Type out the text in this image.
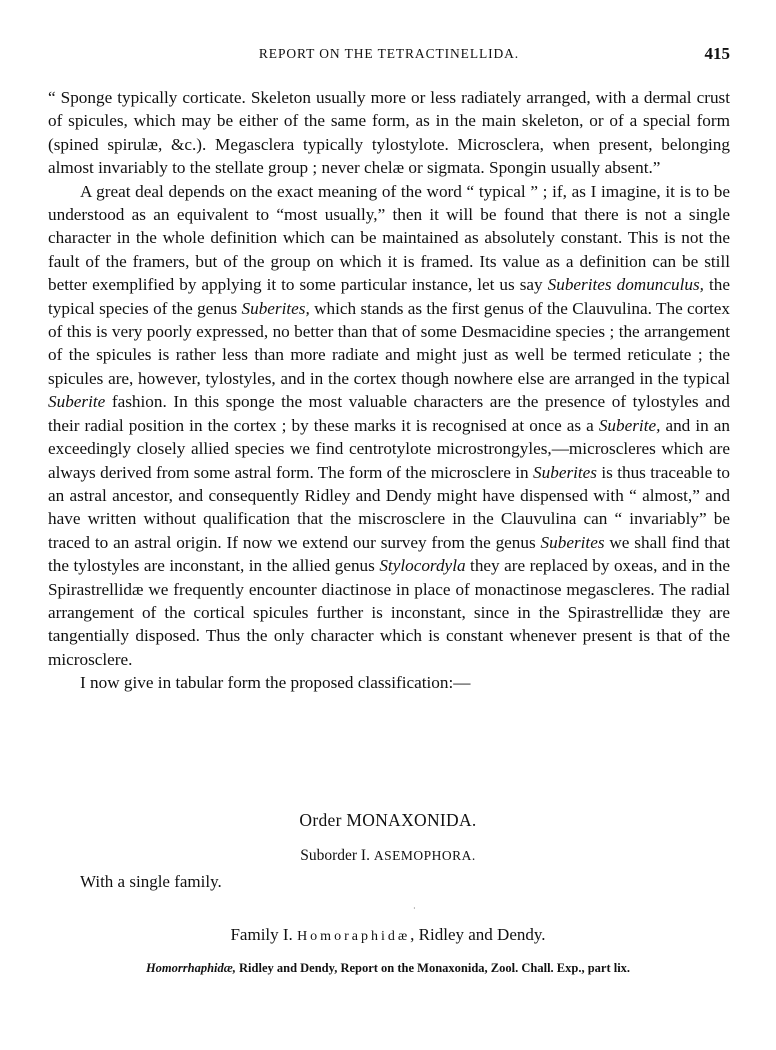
REPORT ON THE TETRACTINELLIDA.	415

“ Sponge typically corticate. Skeleton usually more or less radiately arranged, with a dermal crust of spicules, which may be either of the same form, as in the main skeleton, or of a special form (spined spirulæ, &c.). Megasclera typically tylostylote. Microsclera, when present, belonging almost invariably to the stellate group ; never chelæ or sigmata. Spongin usually absent.”

A great deal depends on the exact meaning of the word “ typical ” ; if, as I imagine, it is to be understood as an equivalent to “most usually,” then it will be found that there is not a single character in the whole definition which can be maintained as absolutely constant. This is not the fault of the framers, but of the group on which it is framed. Its value as a definition can be still better exemplified by applying it to some particular instance, let us say Suberites domunculus, the typical species of the genus Suberites, which stands as the first genus of the Clauvulina. The cortex of this is very poorly expressed, no better than that of some Desmacidine species ; the arrangement of the spicules is rather less than more radiate and might just as well be termed reticulate ; the spicules are, however, tylostyles, and in the cortex though nowhere else are arranged in the typical Suberite fashion. In this sponge the most valuable characters are the presence of tylostyles and their radial position in the cortex ; by these marks it is recognised at once as a Suberite, and in an exceedingly closely allied species we find centrotylote microstrongyles,—microscleres which are always derived from some astral form. The form of the microsclere in Suberites is thus traceable to an astral ancestor, and consequently Ridley and Dendy might have dispensed with “ almost,” and have written without qualification that the miscrosclere in the Clauvulina can “ invariably” be traced to an astral origin. If now we extend our survey from the genus Suberites we shall find that the tylostyles are inconstant, in the allied genus Stylocordyla they are replaced by oxeas, and in the Spirastrellidæ we frequently encounter diactinose in place of monactinose megascleres. The radial arrangement of the cortical spicules further is inconstant, since in the Spirastrellidæ they are tangentially disposed. Thus the only character which is constant whenever present is that of the microsclere.

I now give in tabular form the proposed classification:—

Order MONAXONIDA.
Suborder I. ASEMOPHORA.
With a single family.
·
Family I. Homoraphidæ, Ridley and Dendy.
Homorrhaphidæ, Ridley and Dendy, Report on the Monaxonida, Zool. Chall. Exp., part lix.
